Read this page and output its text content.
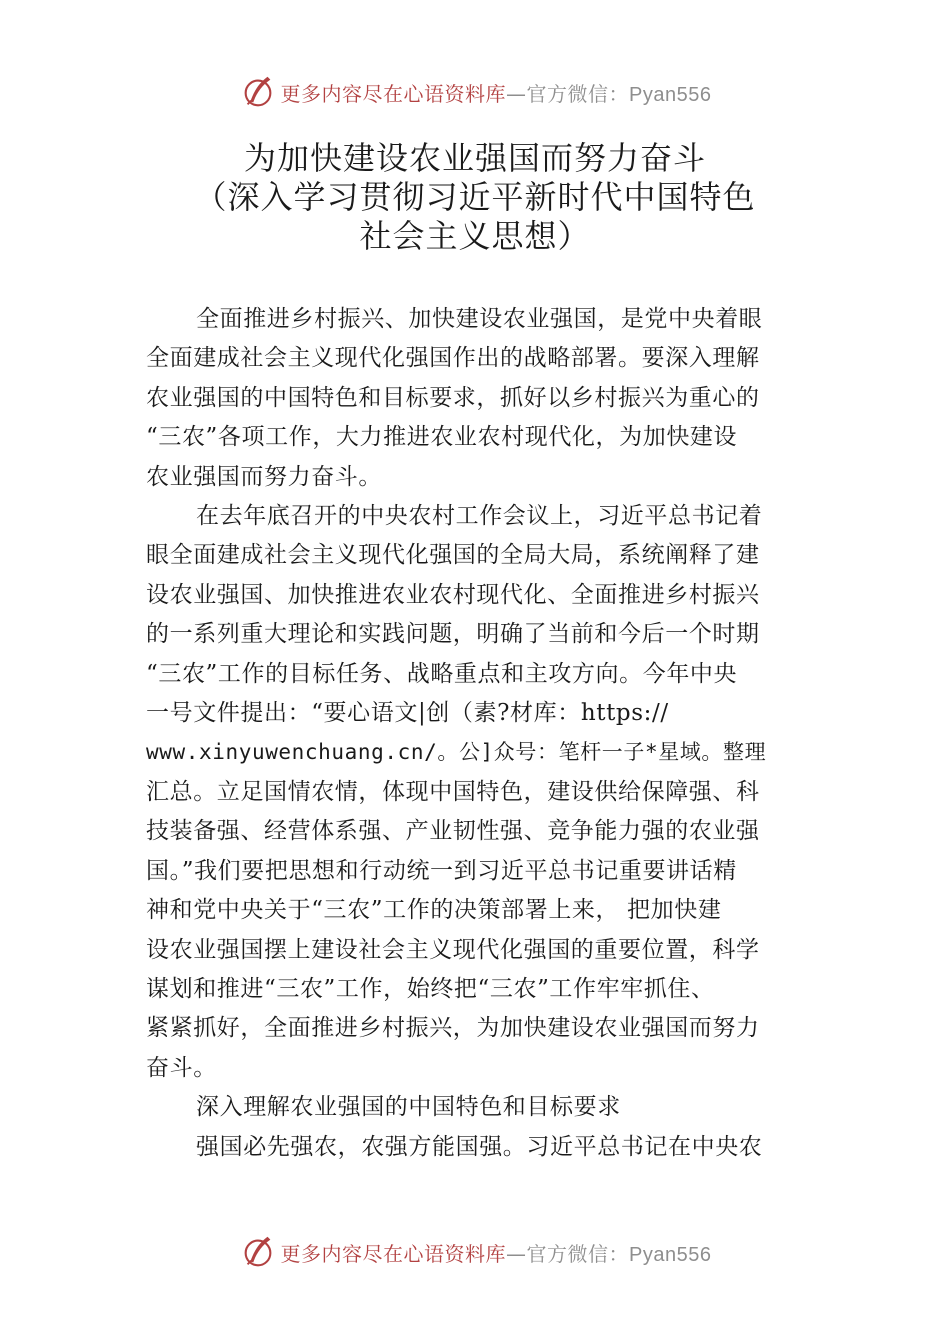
更多内容尽在心语资料库—官方微信：Pyan556
为加快建设农业强国而努力奋斗
（深入学习贯彻习近平新时代中国特色
社会主义思想）

全面推进乡村振兴、加快建设农业强国，是党中央着眼
全面建成社会主义现代化强国作出的战略部署。要深入理解
农业强国的中国特色和目标要求，抓好以乡村振兴为重心的
“三农”各项工作，大力推进农业农村现代化，为加快建设
农业强国而努力奋斗。

在去年底召开的中央农村工作会议上，习近平总书记着
眼全面建成社会主义现代化强国的全局大局，系统阐释了建
设农业强国、加快推进农业农村现代化、全面推进乡村振兴
的一系列重大理论和实践问题，明确了当前和今后一个时期
“三农”工作的目标任务、战略重点和主攻方向。今年中央
一号文件提出：“要心语文|创（素?材库：https://
www.xinyuwenchuang.cn/。公]众号：笔杆一子*星域。整理
汇总。立足国情农情，体现中国特色，建设供给保障强、科
技装备强、经营体系强、产业韧性强、竞争能力强的农业强
国。”我们要把思想和行动统一到习近平总书记重要讲话精
神和党中央关于“三农”工作的决策部署上来， 把加快建
设农业强国摆上建设社会主义现代化强国的重要位置，科学
谋划和推进“三农”工作，始终把“三农”工作牢牢抓住、
紧紧抓好，全面推进乡村振兴，为加快建设农业强国而努力
奋斗。

深入理解农业强国的中国特色和目标要求

强国必先强农，农强方能国强。习近平总书记在中央农

更多内容尽在心语资料库—官方微信：Pyan556
